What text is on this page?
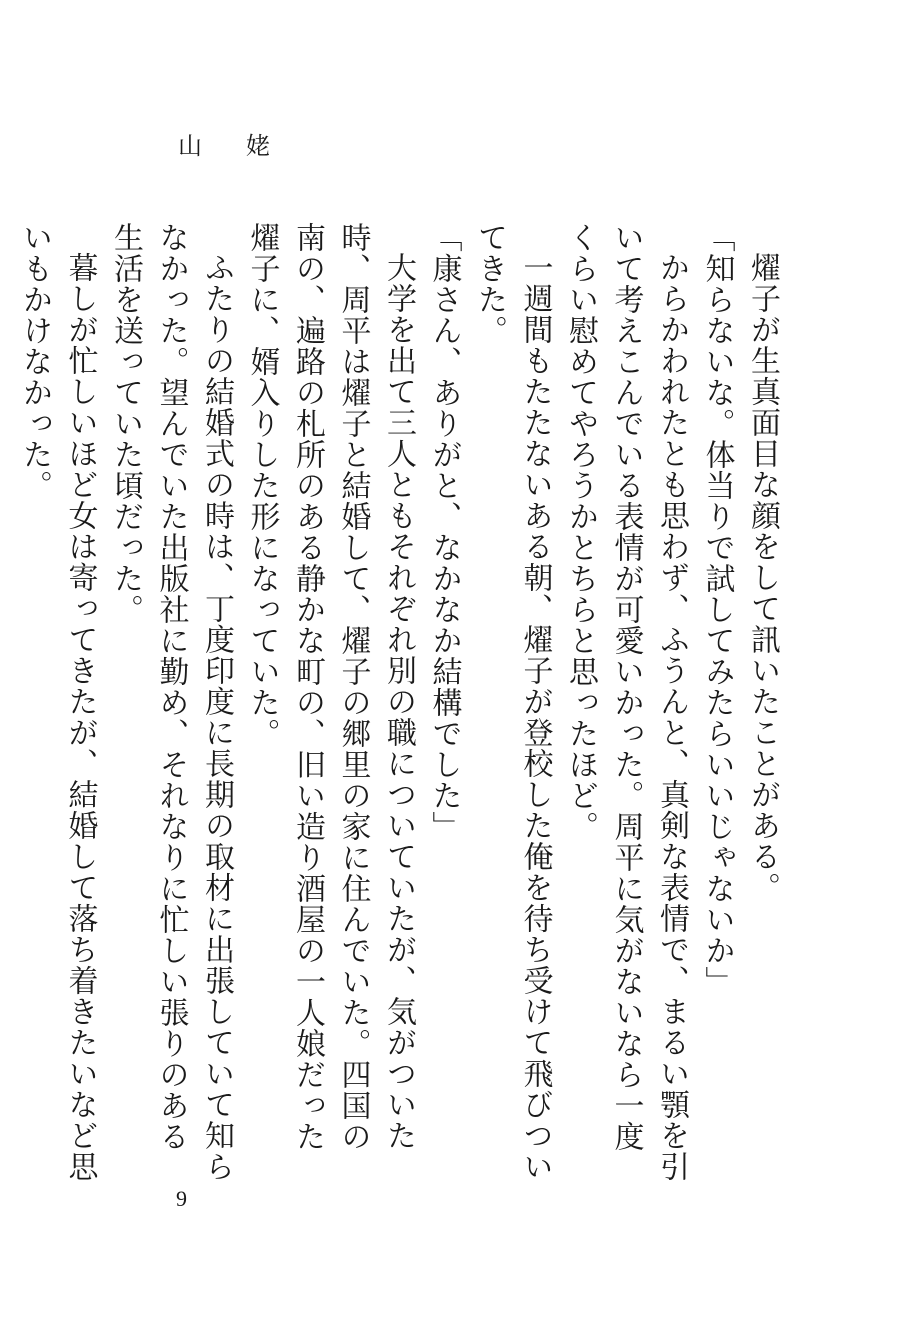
山姥

燿子が生真面目な顔をして訊いたことがある。

「知らないな。体当りで試してみたらいいじゃないか」

からかわれたとも思わず、ふうんと、真剣な表情で、まるい顎を引いて考えこんでいる表情が可愛いかった。周平に気がないなら一度くらい慰めてやろうかとちらと思ったほど。

一週間もたたないある朝、燿子が登校した俺を待ち受けて飛びついてきた。

「康さん、ありがと、なかなか結構でした」

大学を出て三人ともそれぞれ別の職についていたが、気がついた時、周平は燿子と結婚して、燿子の郷里の家に住んでいた。四国の南の、遍路の札所のある静かな町の、旧い造り酒屋の一人娘だった燿子に、婿入りした形になっていた。

ふたりの結婚式の時は、丁度印度に長期の取材に出張していて知らなかった。望んでいた出版社に勤め、それなりに忙しい張りのある生活を送っていた頃だった。

暮しが忙しいほど女は寄ってきたが、結婚して落ち着きたいなど思いもかけなかった。

9
